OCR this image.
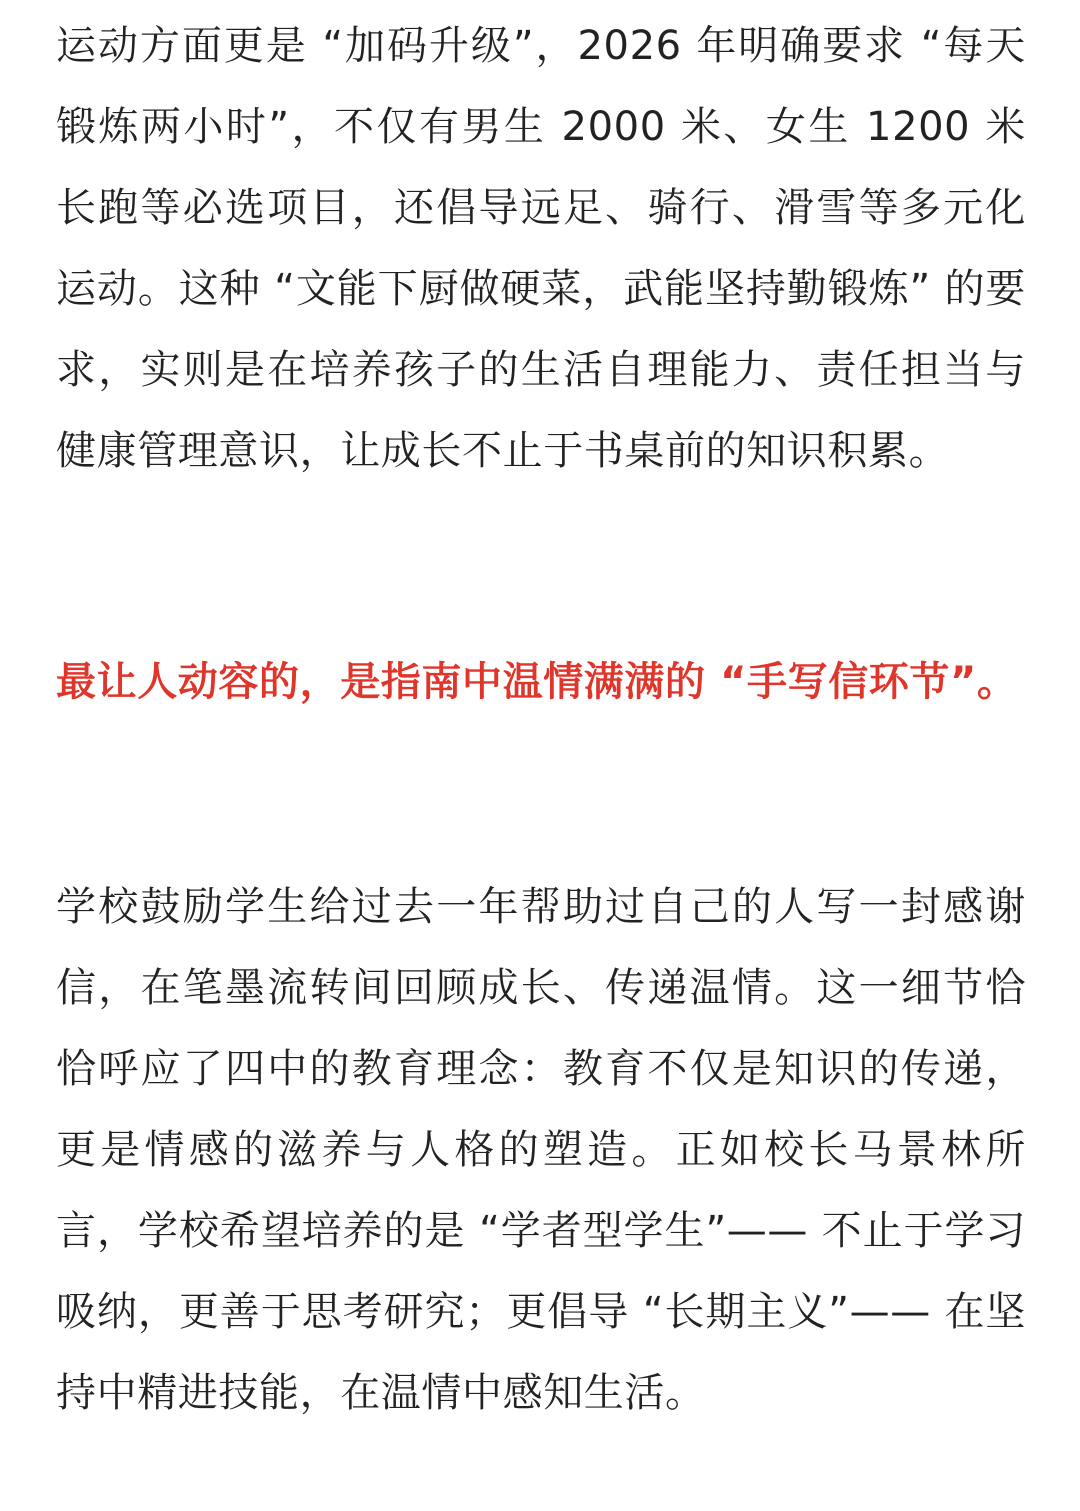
运动方面更是 “加码升级”，2026 年明确要求 “每天锻炼两小时”，不仅有男生 2000 米、女生 1200 米长跑等必选项目，还倡导远足、骑行、滑雪等多元化运动。这种 “文能下厨做硬菜，武能坚持勤锻炼” 的要求，实则是在培养孩子的生活自理能力、责任担当与健康管理意识，让成长不止于书桌前的知识积累。

最让人动容的，是指南中温情满满的 “手写信环节”。

学校鼓励学生给过去一年帮助过自己的人写一封感谢信，在笔墨流转间回顾成长、传递温情。这一细节恰恰呼应了四中的教育理念：教育不仅是知识的传递，更是情感的滋养与人格的塑造。正如校长马景林所言，学校希望培养的是 “学者型学生”—— 不止于学习吸纳，更善于思考研究；更倡导 “长期主义”—— 在坚持中精进技能，在温情中感知生活。
